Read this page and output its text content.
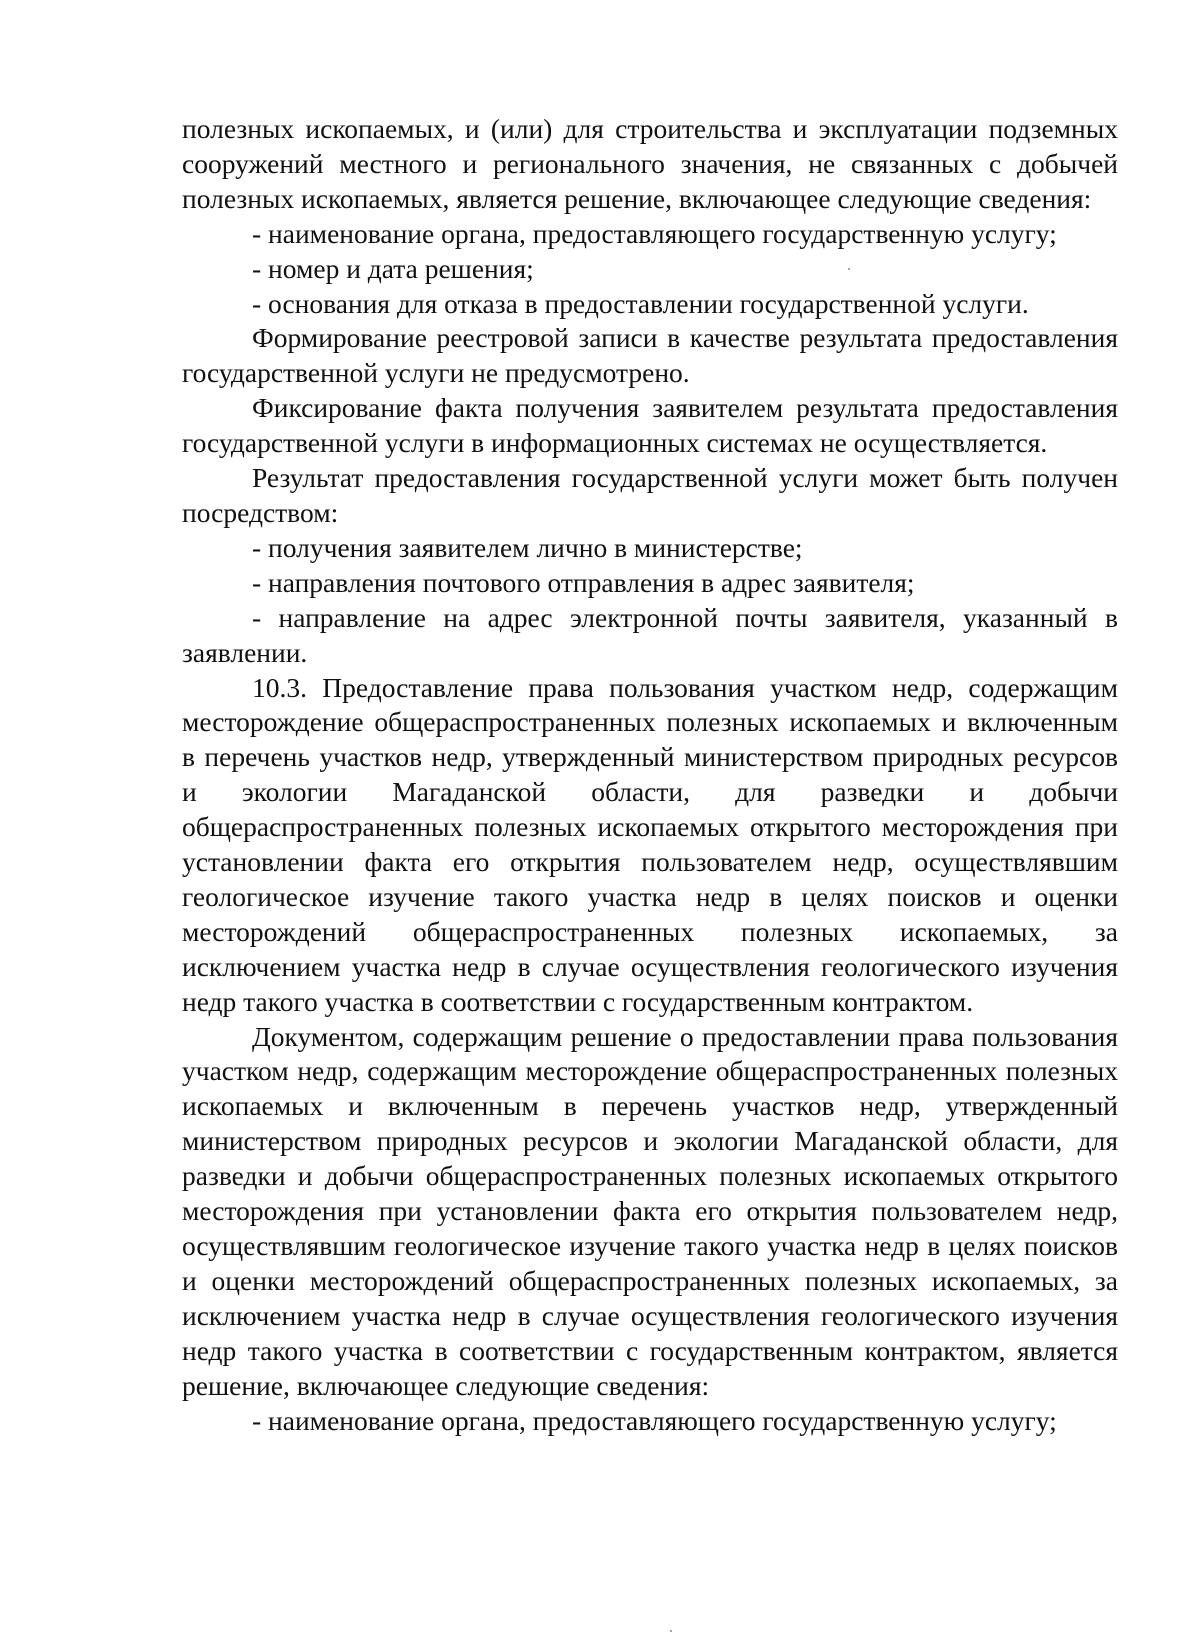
полезных ископаемых, и (или) для строительства и эксплуатации подземных сооружений местного и регионального значения, не связанных с добычей полезных ископаемых, является решение, включающее следующие сведения:

- наименование органа, предоставляющего государственную услугу;

- номер и дата решения;

- основания для отказа в предоставлении государственной услуги.

Формирование реестровой записи в качестве результата предоставления государственной услуги не предусмотрено.

Фиксирование факта получения заявителем результата предоставления государственной услуги в информационных системах не осуществляется.

Результат предоставления государственной услуги может быть получен посредством:

- получения заявителем лично в министерстве;

- направления почтового отправления в адрес заявителя;

- направление на адрес электронной почты заявителя, указанный в заявлении.

10.3. Предоставление права пользования участком недр, содержащим месторождение общераспространенных полезных ископаемых и включенным в перечень участков недр, утвержденный министерством природных ресурсов и экологии Магаданской области, для разведки и добычи общераспространенных полезных ископаемых открытого месторождения при установлении факта его открытия пользователем недр, осуществлявшим геологическое изучение такого участка недр в целях поисков и оценки месторождений общераспространенных полезных ископаемых, за исключением участка недр в случае осуществления геологического изучения недр такого участка в соответствии с государственным контрактом.

Документом, содержащим решение о предоставлении права пользования участком недр, содержащим месторождение общераспространенных полезных ископаемых и включенным в перечень участков недр, утвержденный министерством природных ресурсов и экологии Магаданской области, для разведки и добычи общераспространенных полезных ископаемых открытого месторождения при установлении факта его открытия пользователем недр, осуществлявшим геологическое изучение такого участка недр в целях поисков и оценки месторождений общераспространенных полезных ископаемых, за исключением участка недр в случае осуществления геологического изучения недр такого участка в соответствии с государственным контрактом, является решение, включающее следующие сведения:

- наименование органа, предоставляющего государственную услугу;
